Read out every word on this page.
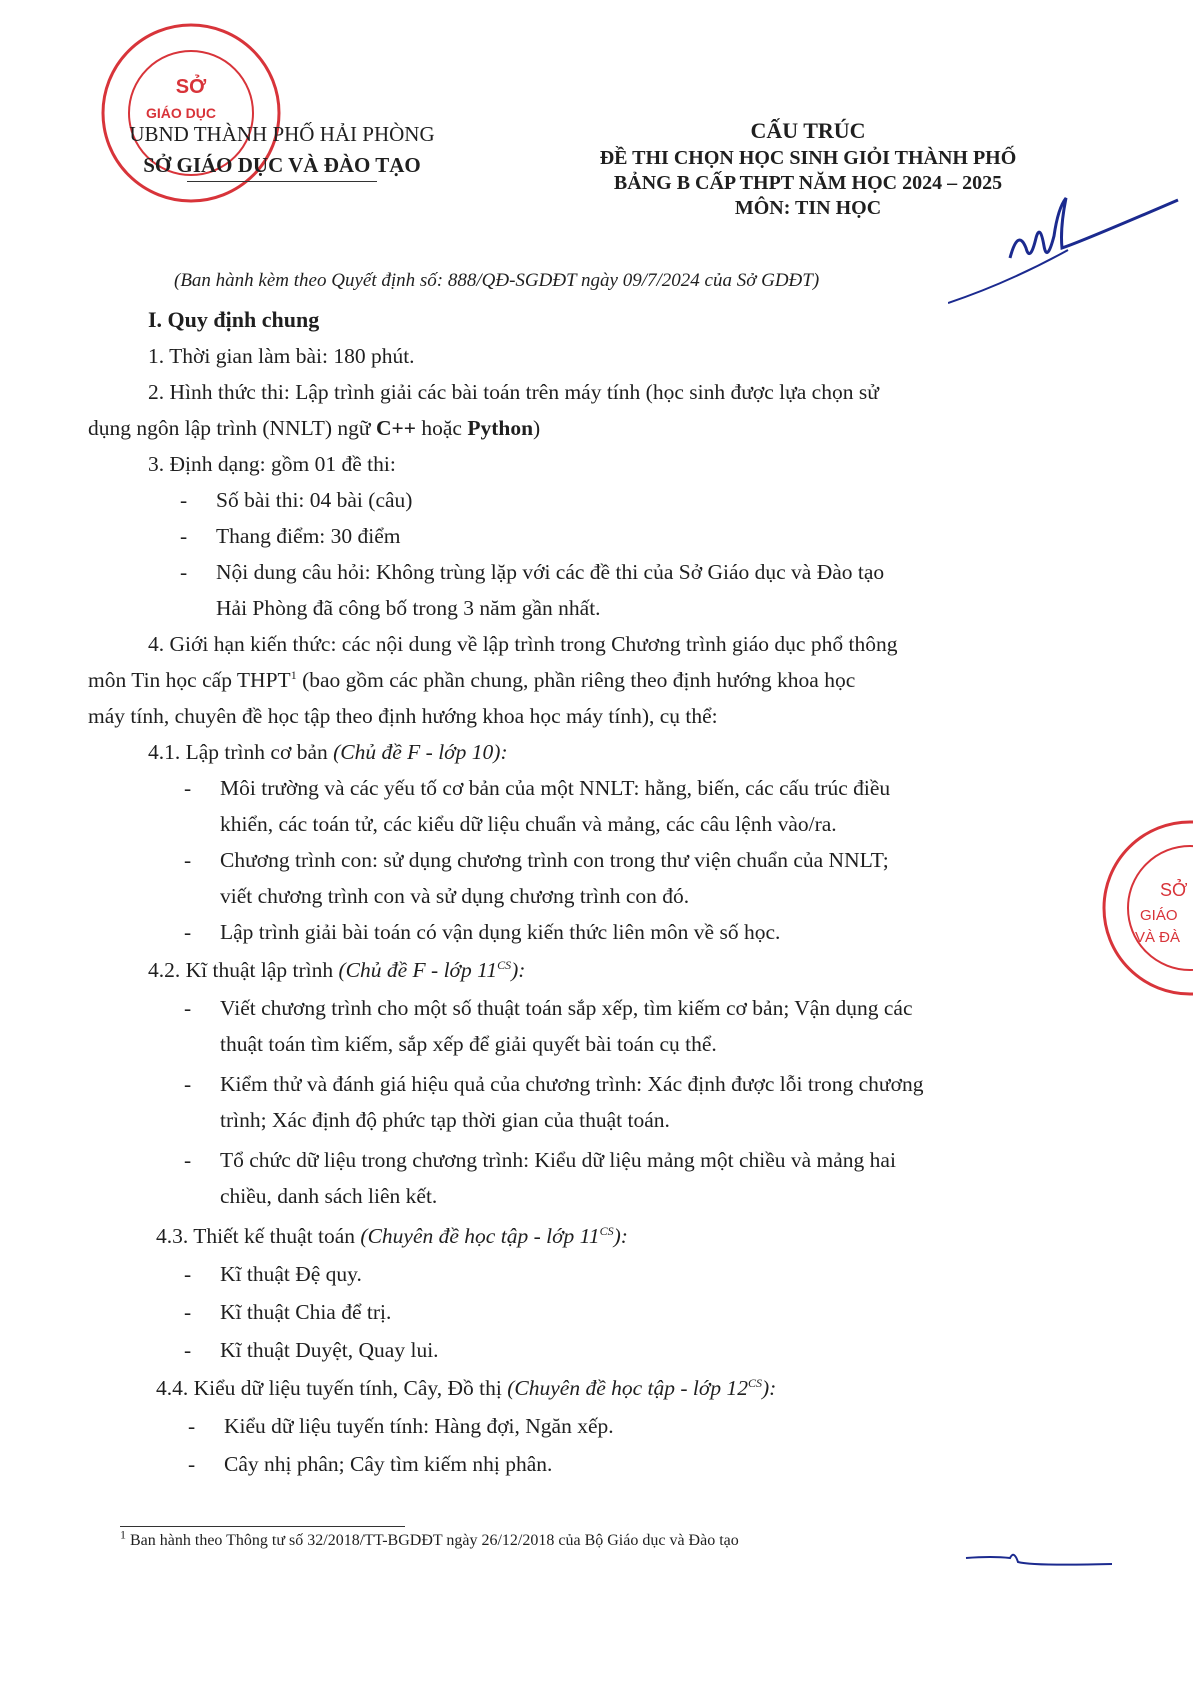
SỞ
GIÁO DỤC
SỞ
GIÁO
VÀ ĐÀ
UBND THÀNH PHỐ HẢI PHÒNG
SỞ GIÁO DỤC VÀ ĐÀO TẠO
CẤU TRÚC
ĐỀ THI CHỌN HỌC SINH GIỎI THÀNH PHỐ
BẢNG B CẤP THPT NĂM HỌC 2024 – 2025
MÔN: TIN HỌC
(Ban hành kèm theo Quyết định số: 888/QĐ-SGDĐT ngày 09/7/2024 của Sở GDĐT)
I. Quy định chung
1. Thời gian làm bài: 180 phút.
2. Hình thức thi: Lập trình giải các bài toán trên máy tính (học sinh được lựa chọn sử
dụng ngôn lập trình (NNLT) ngữ C++ hoặc Python)
3. Định dạng: gồm 01 đề thi:
-	Số bài thi: 04 bài (câu)
-	Thang điểm: 30 điểm
-	Nội dung câu hỏi: Không trùng lặp với các đề thi của Sở Giáo dục và Đào tạo
Hải Phòng đã công bố trong 3 năm gần nhất.
4. Giới hạn kiến thức: các nội dung về lập trình trong Chương trình giáo dục phổ thông
môn Tin học cấp THPT$^1$ (bao gồm các phần chung, phần riêng theo định hướng khoa học
máy tính, chuyên đề học tập theo định hướng khoa học máy tính), cụ thể:
4.1. Lập trình cơ bản (Chủ đề F - lớp 10):
-	Môi trường và các yếu tố cơ bản của một NNLT: hằng, biến, các cấu trúc điều
khiển, các toán tử, các kiểu dữ liệu chuẩn và mảng, các câu lệnh vào/ra.
-	Chương trình con: sử dụng chương trình con trong thư viện chuẩn của NNLT;
viết chương trình con và sử dụng chương trình con đó.
-	Lập trình giải bài toán có vận dụng kiến thức liên môn về số học.
4.2. Kĩ thuật lập trình (Chủ đề F - lớp $11^{CS}$):
-	Viết chương trình cho một số thuật toán sắp xếp, tìm kiếm cơ bản; Vận dụng các
thuật toán tìm kiếm, sắp xếp để giải quyết bài toán cụ thể.
-	Kiểm thử và đánh giá hiệu quả của chương trình: Xác định được lỗi trong chương
trình; Xác định độ phức tạp thời gian của thuật toán.
-	Tổ chức dữ liệu trong chương trình: Kiểu dữ liệu mảng một chiều và mảng hai
chiều, danh sách liên kết.
4.3. Thiết kế thuật toán (Chuyên đề học tập - lớp $11^{CS}$):
-	Kĩ thuật Đệ quy.
-	Kĩ thuật Chia để trị.
-	Kĩ thuật Duyệt, Quay lui.
4.4. Kiểu dữ liệu tuyến tính, Cây, Đồ thị (Chuyên đề học tập - lớp $12^{CS}$):
-	Kiểu dữ liệu tuyến tính: Hàng đợi, Ngăn xếp.
-	Cây nhị phân; Cây tìm kiếm nhị phân.
$^1$ Ban hành theo Thông tư số 32/2018/TT-BGDĐT ngày 26/12/2018 của Bộ Giáo dục và Đào tạo
